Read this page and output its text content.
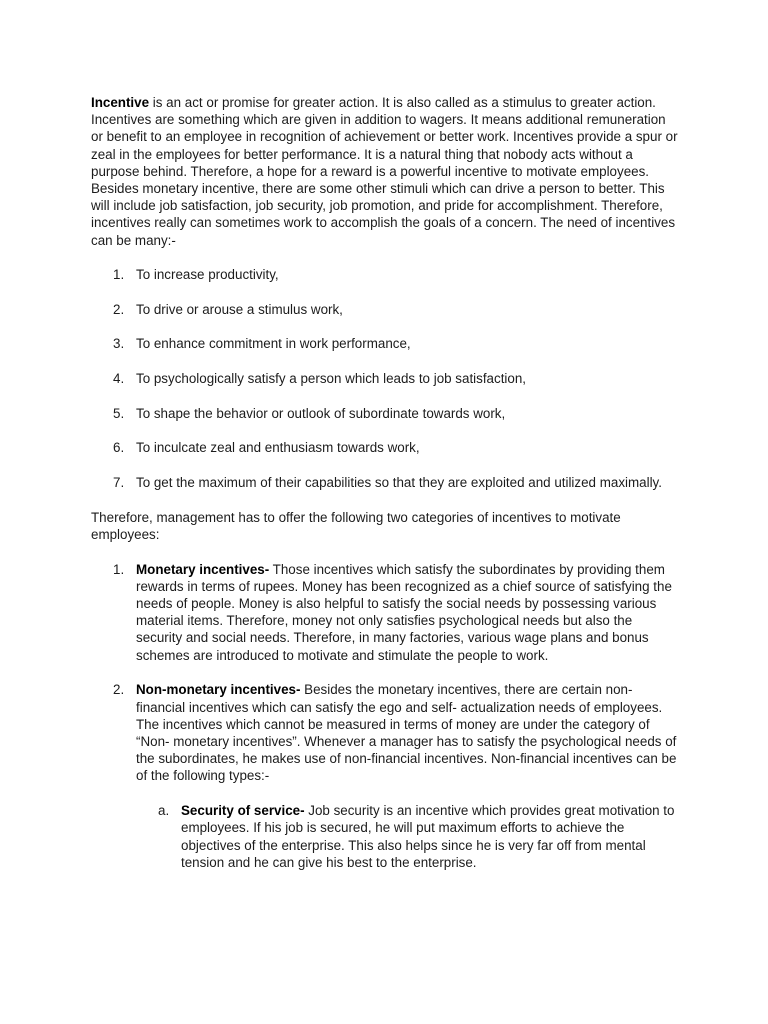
Incentive is an act or promise for greater action. It is also called as a stimulus to greater action. Incentives are something which are given in addition to wagers. It means additional remuneration or benefit to an employee in recognition of achievement or better work. Incentives provide a spur or zeal in the employees for better performance. It is a natural thing that nobody acts without a purpose behind. Therefore, a hope for a reward is a powerful incentive to motivate employees. Besides monetary incentive, there are some other stimuli which can drive a person to better. This will include job satisfaction, job security, job promotion, and pride for accomplishment. Therefore, incentives really can sometimes work to accomplish the goals of a concern. The need of incentives can be many:-

1. To increase productivity,
2. To drive or arouse a stimulus work,
3. To enhance commitment in work performance,
4. To psychologically satisfy a person which leads to job satisfaction,
5. To shape the behavior or outlook of subordinate towards work,
6. To inculcate zeal and enthusiasm towards work,
7. To get the maximum of their capabilities so that they are exploited and utilized maximally.

Therefore, management has to offer the following two categories of incentives to motivate employees:

1. Monetary incentives- Those incentives which satisfy the subordinates by providing them rewards in terms of rupees. Money has been recognized as a chief source of satisfying the needs of people. Money is also helpful to satisfy the social needs by possessing various material items. Therefore, money not only satisfies psychological needs but also the security and social needs. Therefore, in many factories, various wage plans and bonus schemes are introduced to motivate and stimulate the people to work.
2. Non-monetary incentives- Besides the monetary incentives, there are certain non-financial incentives which can satisfy the ego and self- actualization needs of employees. The incentives which cannot be measured in terms of money are under the category of “Non- monetary incentives”. Whenever a manager has to satisfy the psychological needs of the subordinates, he makes use of non-financial incentives. Non-financial incentives can be of the following types:-
a. Security of service- Job security is an incentive which provides great motivation to employees. If his job is secured, he will put maximum efforts to achieve the objectives of the enterprise. This also helps since he is very far off from mental tension and he can give his best to the enterprise.
